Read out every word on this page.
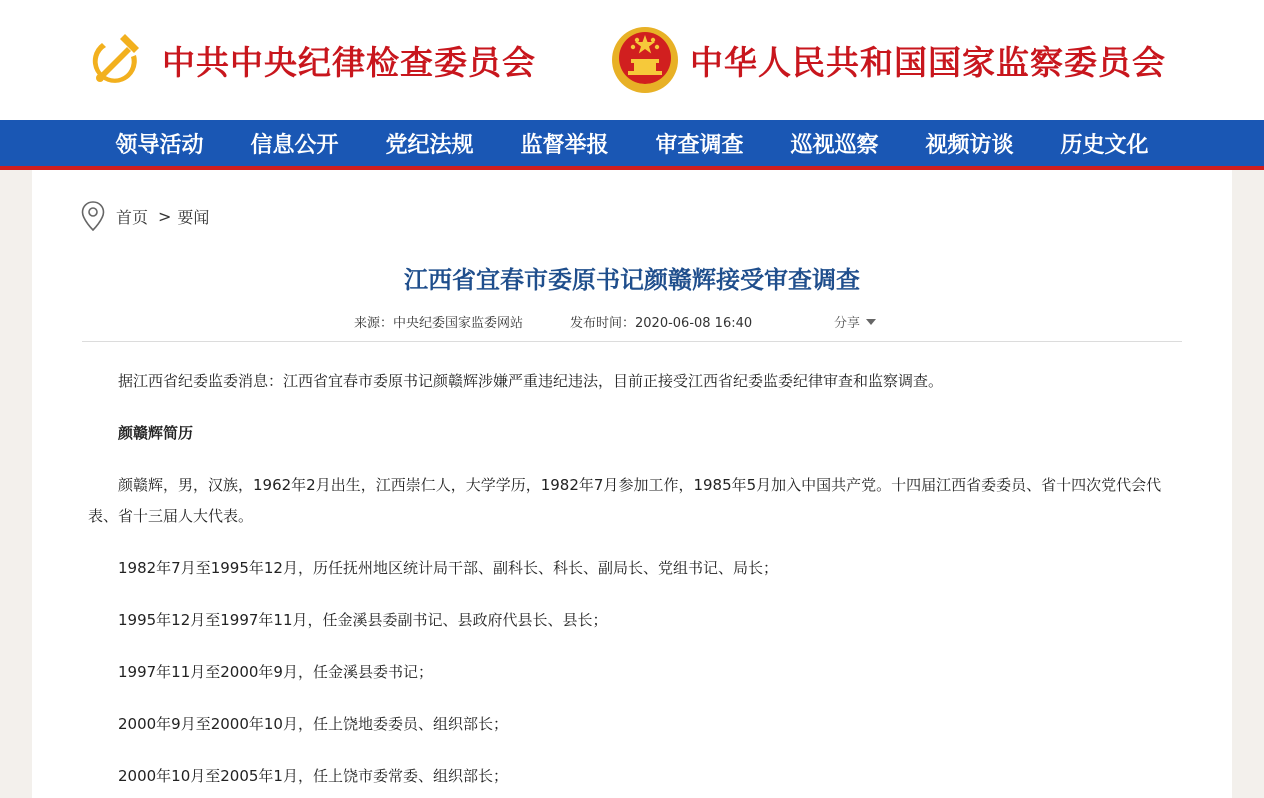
中共中央纪律检查委员会	中华人民共和国国家监察委员会
领导活动	信息公开	党纪法规	监督举报	审查调查	巡视巡察	视频访谈	历史文化
首页 > 要闻
江西省宜春市委原书记颜赣辉接受审查调查
来源：中央纪委国家监委网站	发布时间：2020-06-08 16:40	分享

据江西省纪委监委消息：江西省宜春市委原书记颜赣辉涉嫌严重违纪违法，目前正接受江西省纪委监委纪律审查和监察调查。

颜赣辉简历

颜赣辉，男，汉族，1962年2月出生，江西崇仁人，大学学历，1982年7月参加工作，1985年5月加入中国共产党。十四届江西省委委员、省十四次党代会代表、省十三届人大代表。

1982年7月至1995年12月，历任抚州地区统计局干部、副科长、科长、副局长、党组书记、局长；

1995年12月至1997年11月，任金溪县委副书记、县政府代县长、县长；

1997年11月至2000年9月，任金溪县委书记；

2000年9月至2000年10月，任上饶地委委员、组织部长；

2000年10月至2005年1月，任上饶市委常委、组织部长；
